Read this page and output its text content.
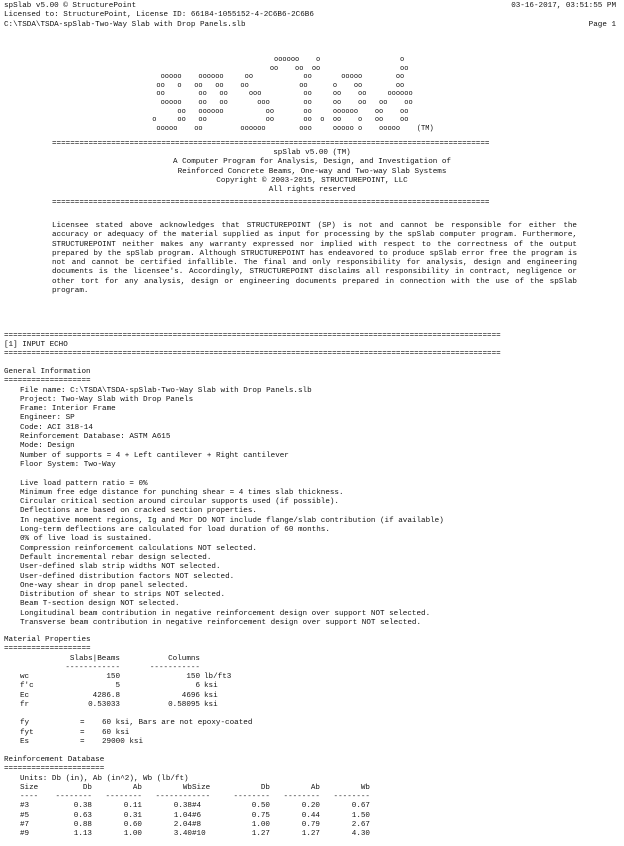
spSlab v5.00 © StructurePoint	03-16-2017, 03:51:55 PM
Licensed to: StructurePoint, License ID: 66184-1055152-4-2C6B6-2C6B6
C:\TSDA\TSDA-spSlab-Two-Way Slab with Drop Panels.slb	Page 1
oooooo    o                   o
oo    oo  oo                   oo
ooooo    oooooo     oo            oo       ooooo        oo
oo   o   oo   oo    oo            oo      o    oo        oo
oo        oo   oo     ooo          oo     oo    oo     oooooo
ooooo    oo   oo       ooo        oo     oo    oo   oo    oo
oo   oooooo          oo       oo     oooooo    oo    oo
o     oo   oo              oo       oo  o  oo    o   oo    oo
ooooo    oo         oooooo        ooo     ooooo o    ooooo    (TM)
================================================================================================
spSlab v5.00 (TM)
A Computer Program for Analysis, Design, and Investigation of
Reinforced Concrete Beams, One-way and Two-way Slab Systems
Copyright © 2003-2015, STRUCTUREPOINT, LLC
All rights reserved
================================================================================================

Licensee stated above acknowledges that STRUCTUREPOINT (SP) is not and cannot be responsible for either the accuracy or adequacy of the material supplied as input for processing by the spSlab computer program. Furthermore, STRUCTUREPOINT neither makes any warranty expressed nor implied with respect to the correctness of the output prepared by the spSlab program. Although STRUCTUREPOINT has endeavored to produce spSlab error free the program is not and cannot be certified infallible. The final and only responsibility for analysis, design and engineering documents is the licensee's. Accordingly, STRUCTUREPOINT disclaims all responsibility in contract, negligence or other tort for any analysis, design or engineering documents prepared in connection with the use of the spSlab program.

=============================================================================================================
[1] INPUT ECHO
=============================================================================================================
General Information
===================
File name: C:\TSDA\TSDA-spSlab-Two-Way Slab with Drop Panels.slb
Project: Two-Way Slab with Drop Panels
Frame: Interior Frame
Engineer: SP
Code: ACI 318-14
Reinforcement Database: ASTM A615
Mode: Design
Number of supports = 4 + Left cantilever + Right cantilever
Floor System: Two-Way
Live load pattern ratio = 0%
Minimum free edge distance for punching shear = 4 times slab thickness.
Circular critical section around circular supports used (if possible).
Deflections are based on cracked section properties.
In negative moment regions, Ig and Mcr DO NOT include flange/slab contribution (if available)
Long-term deflections are calculated for load duration of 60 months.
0% of live load is sustained.
Compression reinforcement calculations NOT selected.
Default incremental rebar design selected.
User-defined slab strip widths NOT selected.
User-defined distribution factors NOT selected.
One-way shear in drop panel selected.
Distribution of shear to strips NOT selected.
Beam T-section design NOT selected.
Longitudinal beam contribution in negative reinforcement design over support NOT selected.
Transverse beam contribution in negative reinforcement design over support NOT selected.
Material Properties
===================
	Slabs|Beams	Columns	
	------------	-----------	
wc	150	150	lb/ft3
f'c	5	6	ksi
Ec	4286.8	4696	ksi
fr	0.53033	0.58095	ksi
fy	=	60 ksi, Bars are not epoxy-coated
fyt	=	60 ksi
Es	=	29000 ksi
Reinforcement Database
======================
Units: Db (in), Ab (in^2), Wb (lb/ft)
Size	Db	Ab	Wb	Size	Db	Ab	Wb
----	--------	--------	--------	----	--------	--------	--------
#3	0.38	0.11	0.38	#4	0.50	0.20	0.67
#5	0.63	0.31	1.04	#6	0.75	0.44	1.50
#7	0.88	0.60	2.04	#8	1.00	0.79	2.67
#9	1.13	1.00	3.40	#10	1.27	1.27	4.30
